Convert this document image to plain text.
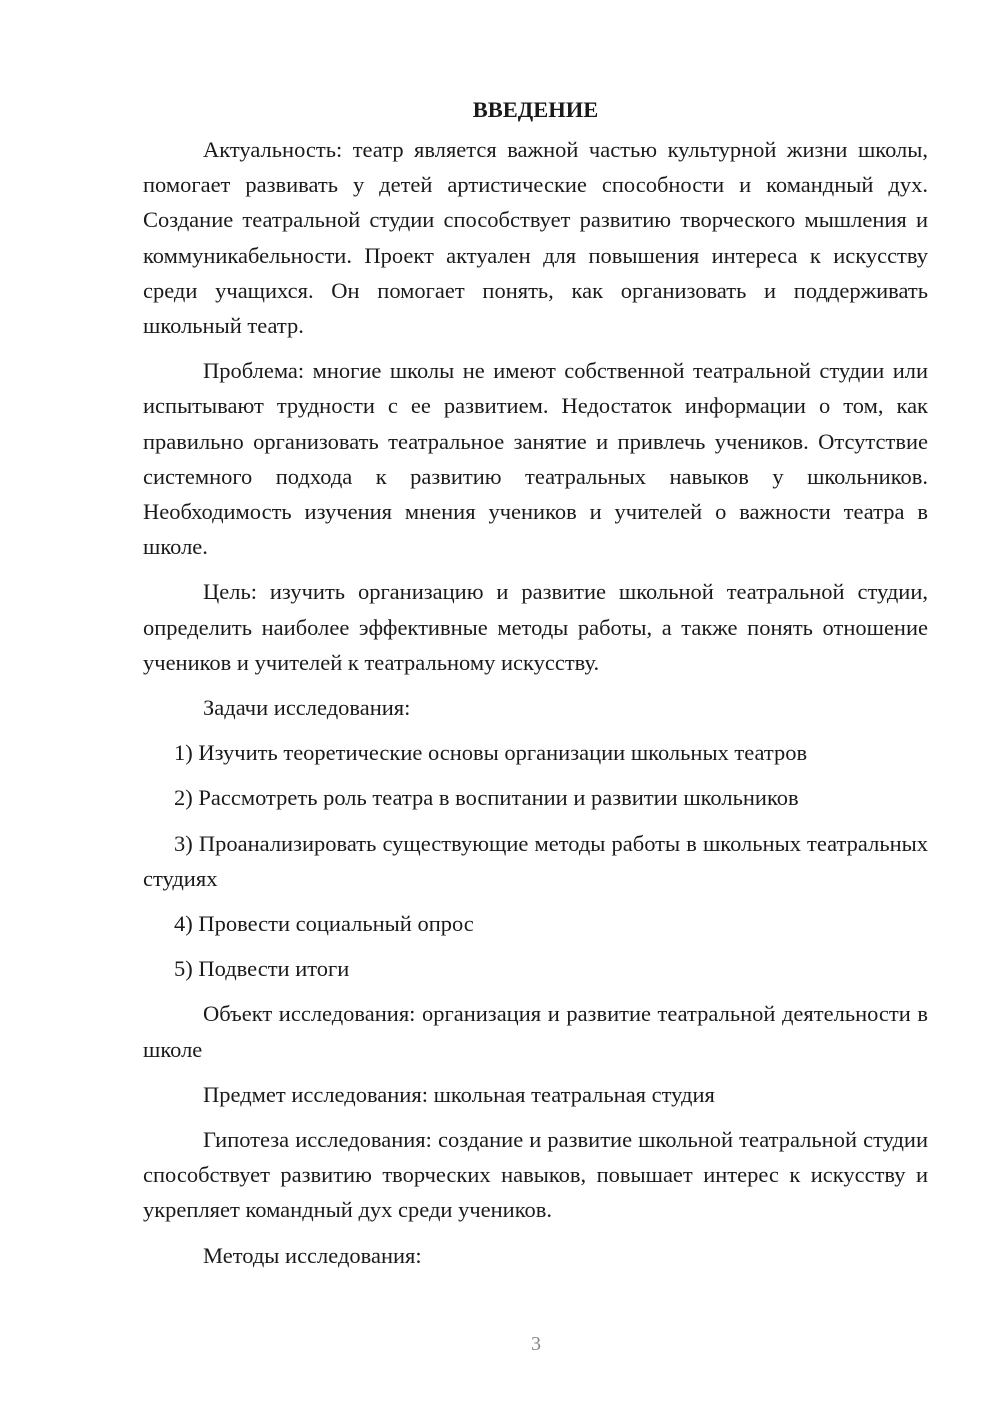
ВВЕДЕНИЕ

Актуальность: театр является важной частью культурной жизни школы, помогает развивать у детей артистические способности и командный дух. Создание театральной студии способствует развитию творческого мышления и коммуникабельности. Проект актуален для повышения интереса к искусству среди учащихся. Он помогает понять, как организовать и поддерживать школьный театр.

Проблема: многие школы не имеют собственной театральной студии или испытывают трудности с ее развитием. Недостаток информации о том, как правильно организовать театральное занятие и привлечь учеников. Отсутствие системного подхода к развитию театральных навыков у школьников. Необходимость изучения мнения учеников и учителей о важности театра в школе.

Цель: изучить организацию и развитие школьной театральной студии, определить наиболее эффективные методы работы, а также понять отношение учеников и учителей к театральному искусству.

Задачи исследования:

1) Изучить теоретические основы организации школьных театров

2) Рассмотреть роль театра в воспитании и развитии школьников

3) Проанализировать существующие методы работы в школьных театральных студиях

4) Провести социальный опрос

5) Подвести итоги

Объект исследования: организация и развитие театральной деятельности в школе

Предмет исследования: школьная театральная студия

Гипотеза исследования: создание и развитие школьной театральной студии способствует развитию творческих навыков, повышает интерес к искусству и укрепляет командный дух среди учеников.

Методы исследования:

3
